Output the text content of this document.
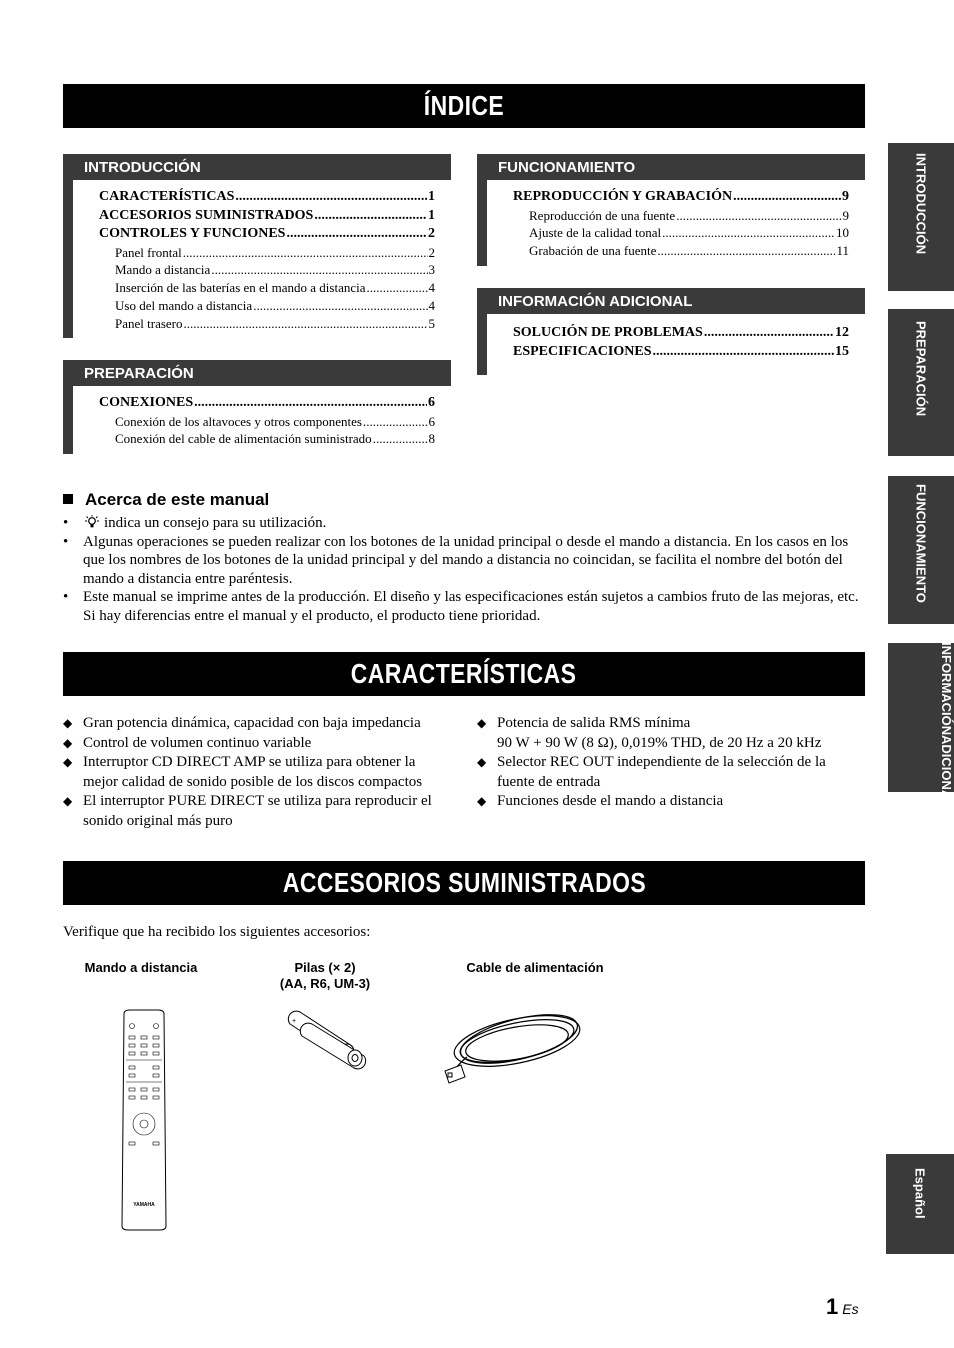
ÍNDICE
INTRODUCCIÓN
CARACTERÍSTICAS .....	1
ACCESORIOS SUMINISTRADOS .....	1
CONTROLES Y FUNCIONES .....	2
Panel frontal .....	2
Mando a distancia .....	3
Inserción de las baterías en el mando a distancia .....	4
Uso del mando a distancia .....	4
Panel trasero .....	5
PREPARACIÓN
CONEXIONES .....	6
Conexión de los altavoces y otros componentes .....	6
Conexión del cable de alimentación suministrado .....	8
FUNCIONAMIENTO
REPRODUCCIÓN Y GRABACIÓN .....	9
Reproducción de una fuente .....	9
Ajuste de la calidad tonal .....	10
Grabación de una fuente .....	11
INFORMACIÓN ADICIONAL
SOLUCIÓN DE PROBLEMAS .....	12
ESPECIFICACIONES .....	15
INTRODUCCIÓN
PREPARACIÓN
FUNCIONAMIENTO
INFORMACIÓN
ADICIONAL
Español
Acerca de este manual
• indica un consejo para su utilización.
• Algunas operaciones se pueden realizar con los botones de la unidad principal o desde el mando a distancia. En los casos en los que los nombres de los botones de la unidad principal y del mando a distancia no coincidan, se facilita el nombre del botón del mando a distancia entre paréntesis.
• Este manual se imprime antes de la producción. El diseño y las especificaciones están sujetos a cambios fruto de las mejoras, etc. Si hay diferencias entre el manual y el producto, el producto tiene prioridad.
CARACTERÍSTICAS
◆ Gran potencia dinámica, capacidad con baja impedancia
◆ Control de volumen continuo variable
◆ Interruptor CD DIRECT AMP se utiliza para obtener la mejor calidad de sonido posible de los discos compactos
◆ El interruptor PURE DIRECT se utiliza para reproducir el sonido original más puro
◆ Potencia de salida RMS mínima
90 W + 90 W (8 Ω), 0,019% THD, de 20 Hz a 20 kHz
◆ Selector REC OUT independiente de la selección de la fuente de entrada
◆ Funciones desde el mando a distancia
ACCESORIOS SUMINISTRADOS
Verifique que ha recibido los siguientes accesorios:
Mando a distancia	Pilas (× 2)
(AA, R6, UM-3)
Cable de alimentación
YAMAHA
+
1 Es
